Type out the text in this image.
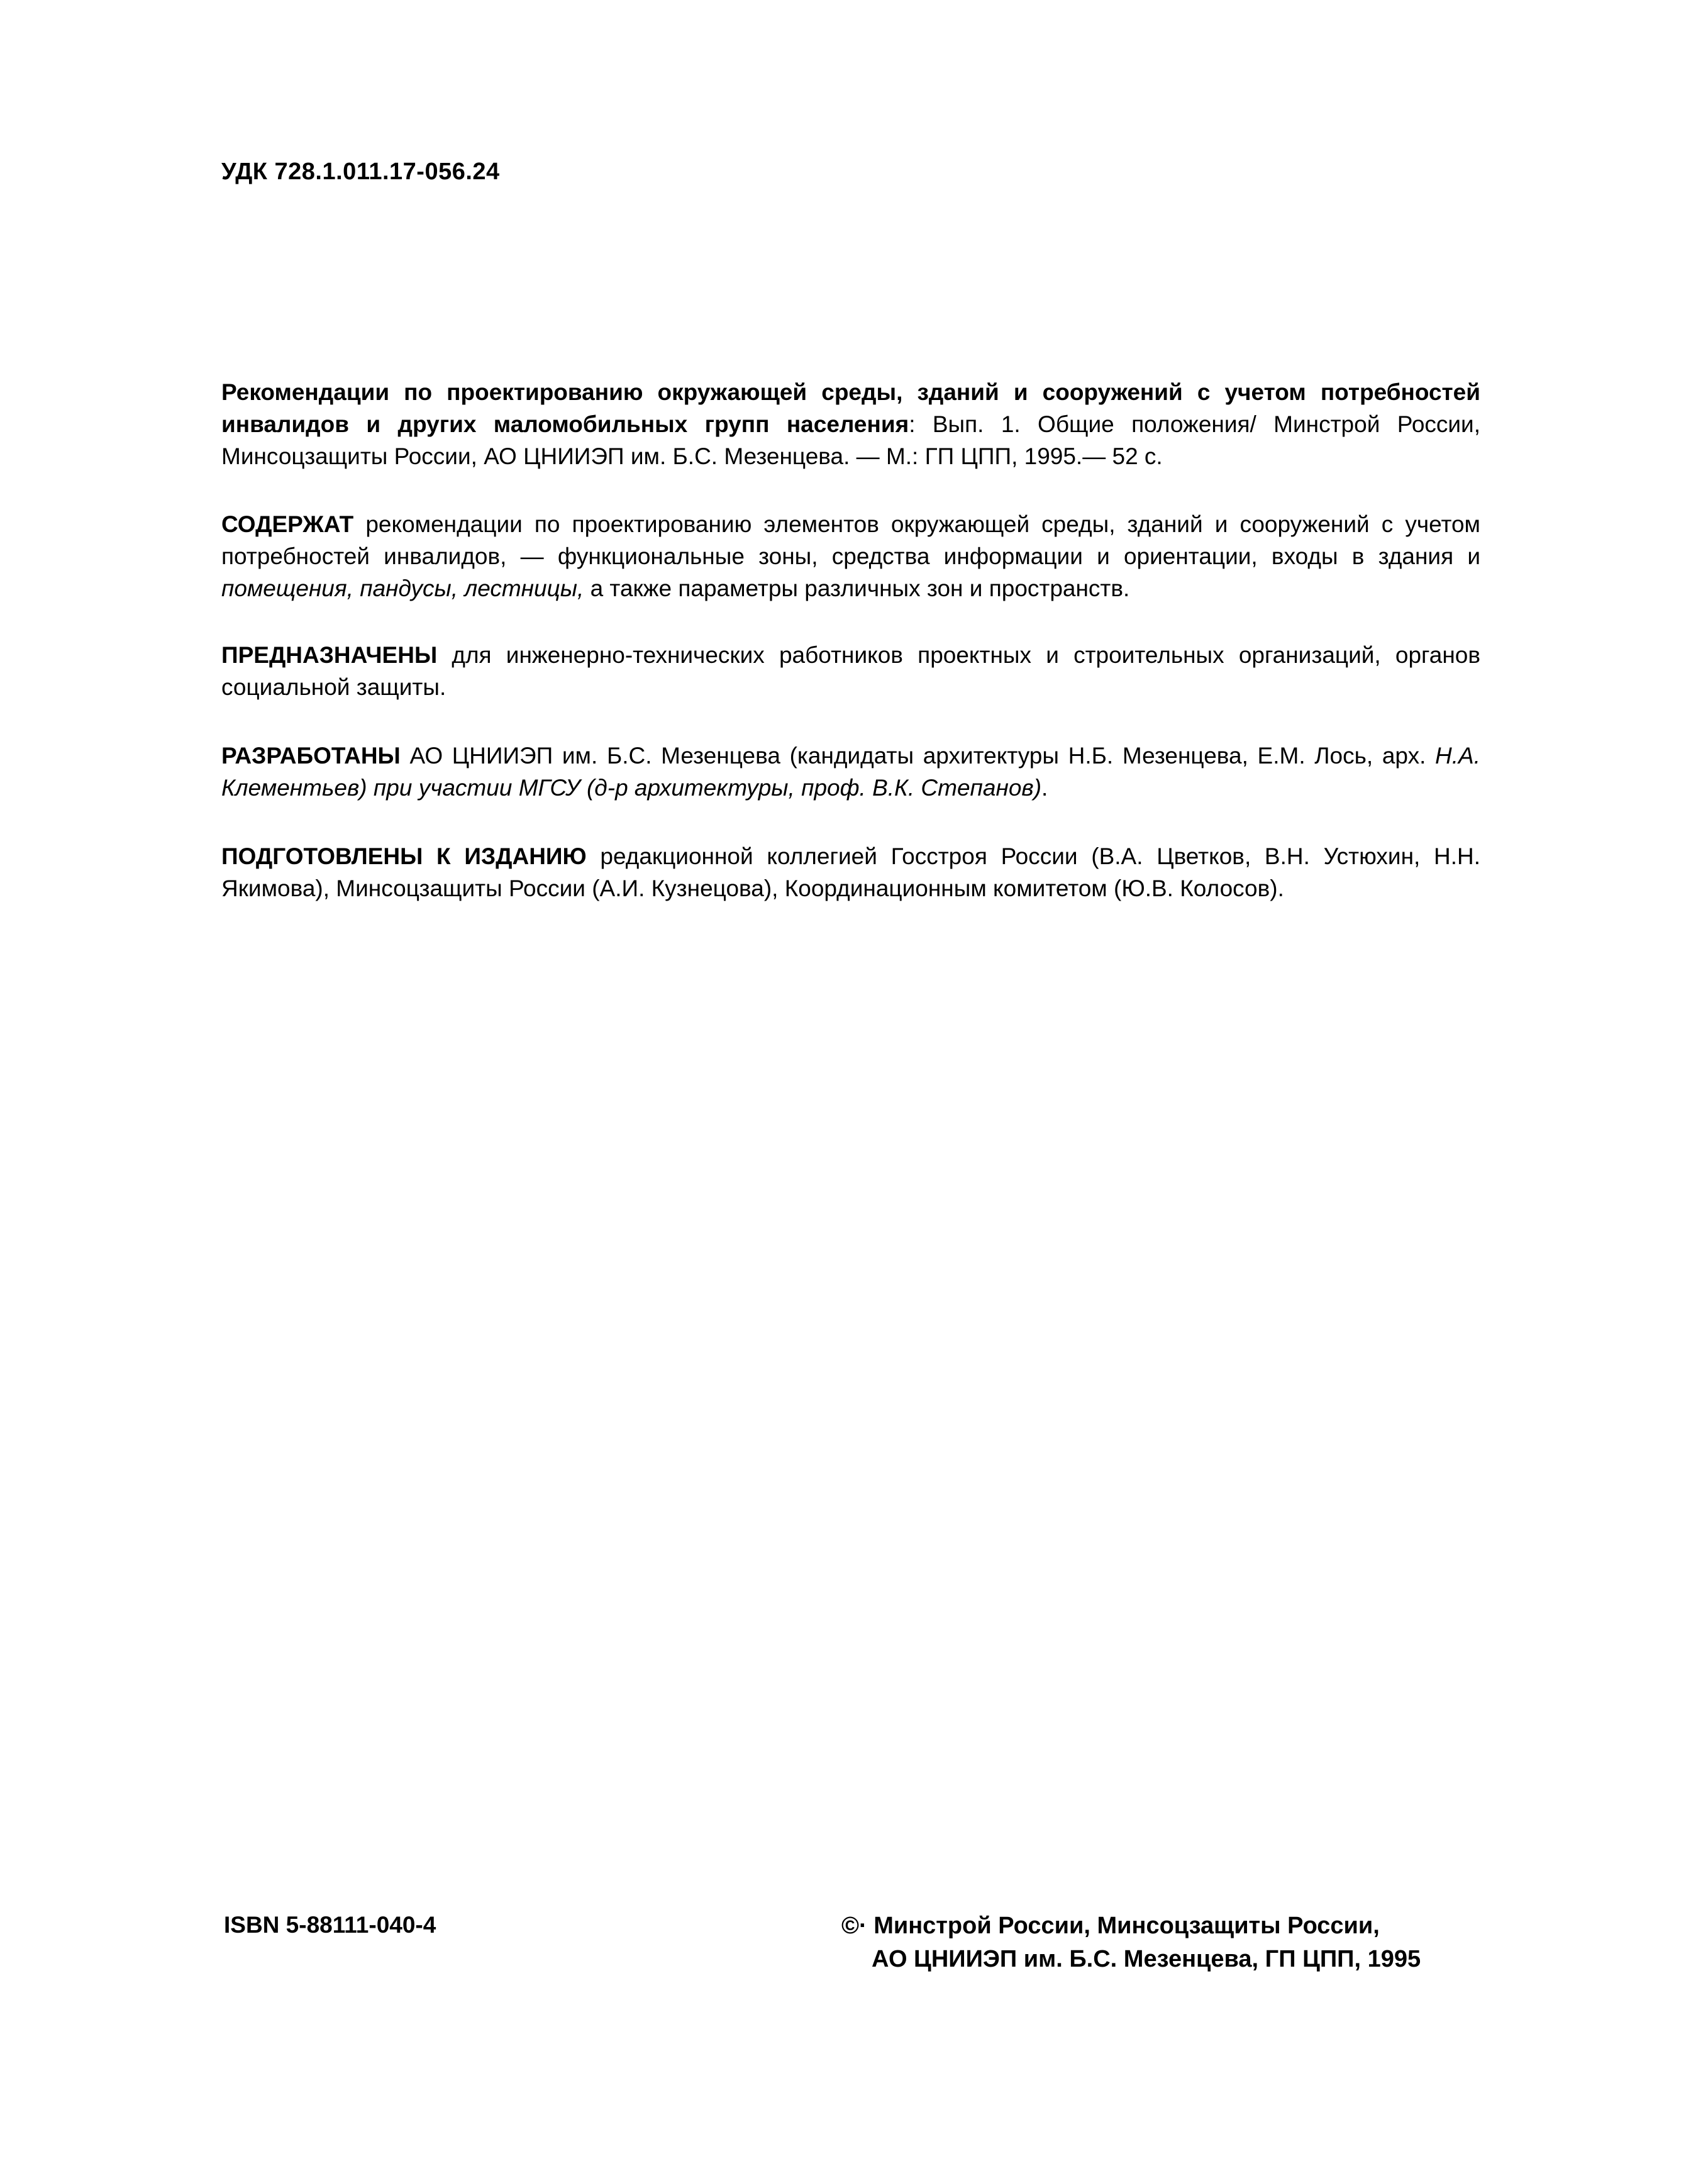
УДК 728.1.011.17-056.24
Рекомендации по проектированию окружающей среды, зданий и сооружений с учетом потребностей инвалидов и других маломобильных групп населения: Вып. 1. Общие положения/ Минстрой России, Минсоцзащиты России, АО ЦНИИЭП им. Б.С. Мезенцева. — М.: ГП ЦПП, 1995.— 52 с.
СОДЕРЖАТ рекомендации по проектированию элементов окружающей среды, зданий и сооружений с учетом потребностей инвалидов, — функциональные зоны, средства информации и ориентации, входы в здания и помещения, пандусы, лестницы, а также параметры различных зон и пространств.
ПРЕДНАЗНАЧЕНЫ для инженерно-технических работников проектных и строительных организаций, органов социальной защиты.
РАЗРАБОТАНЫ АО ЦНИИЭП им. Б.С. Мезенцева (кандидаты архитектуры Н.Б. Мезенцева, Е.М. Лось, арх. Н.А. Клементьев) при участии МГСУ (д-р архитектуры, проф. В.К. Степанов).
ПОДГОТОВЛЕНЫ К ИЗДАНИЮ редакционной коллегией Госстроя России (В.А. Цветков, В.Н. Устюхин, Н.Н. Якимова), Минсоцзащиты России (А.И. Кузнецова), Координационным комитетом (Ю.В. Колосов).
ISBN 5-88111-040-4	©· Минстрой России, Минсоцзащиты России,
АО ЦНИИЭП им. Б.С. Мезенцева, ГП ЦПП, 1995
